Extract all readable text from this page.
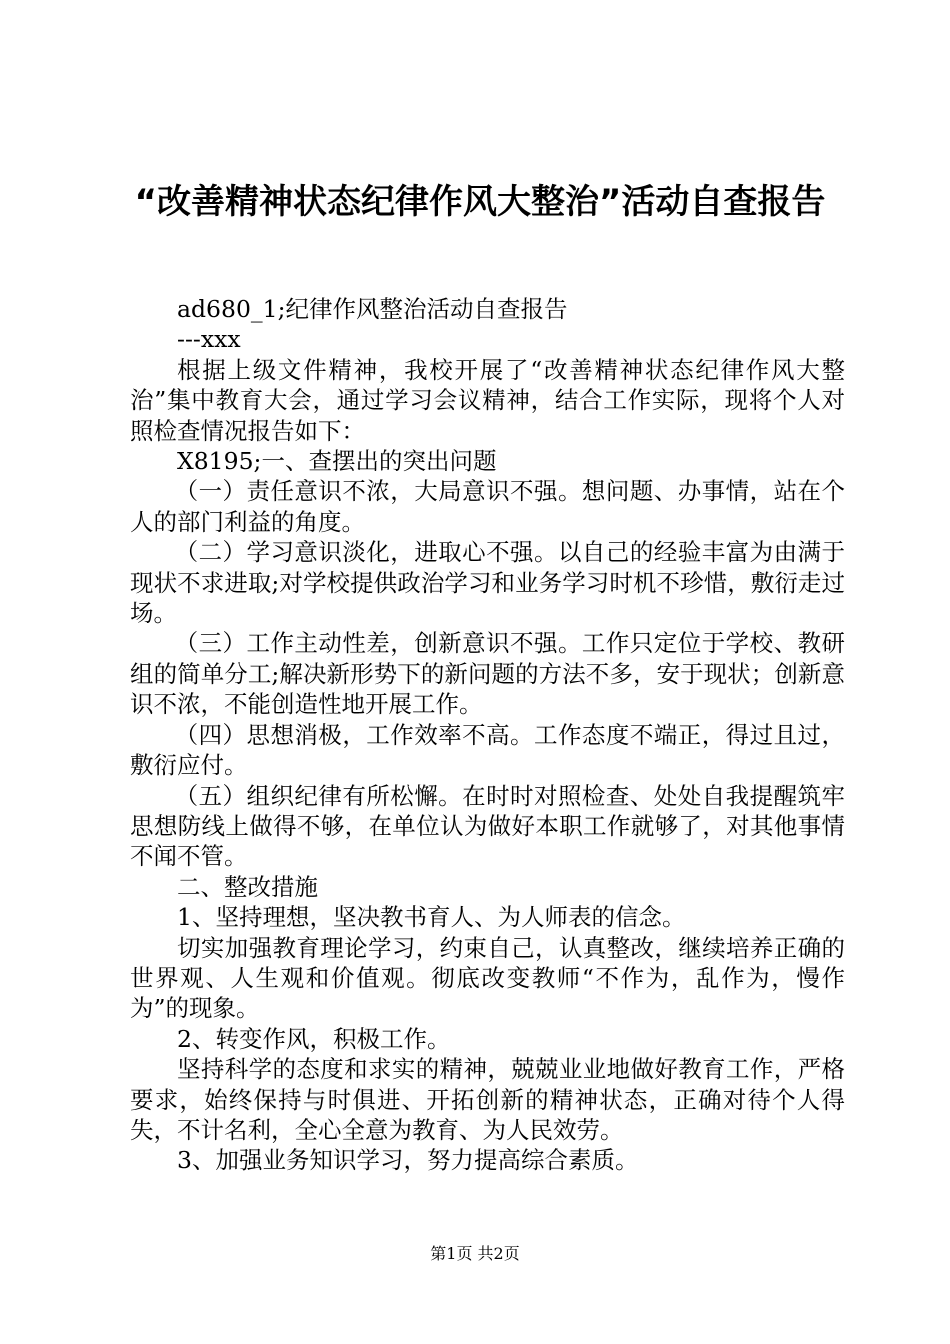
“改善精神状态纪律作风大整治”活动自查报告

ad680_1;纪律作风整治活动自查报告

---xxx

根据上级文件精神，我校开展了“改善精神状态纪律作风大整治”集中教育大会，通过学习会议精神，结合工作实际，现将个人对照检查情况报告如下：

X8195;一、查摆出的突出问题

（一）责任意识不浓，大局意识不强。想问题、办事情，站在个人的部门利益的角度。

（二）学习意识淡化，进取心不强。以自己的经验丰富为由满于现状不求进取;对学校提供政治学习和业务学习时机不珍惜，敷衍走过场。

（三）工作主动性差，创新意识不强。工作只定位于学校、教研组的简单分工;解决新形势下的新问题的方法不多，安于现状；创新意识不浓，不能创造性地开展工作。

（四）思想消极，工作效率不高。工作态度不端正，得过且过，敷衍应付。

（五）组织纪律有所松懈。在时时对照检查、处处自我提醒筑牢思想防线上做得不够，在单位认为做好本职工作就够了，对其他事情不闻不管。

二、整改措施

1、坚持理想，坚决教书育人、为人师表的信念。

切实加强教育理论学习，约束自己，认真整改，继续培养正确的世界观、人生观和价值观。彻底改变教师“不作为，乱作为，慢作为”的现象。

2、转变作风，积极工作。

坚持科学的态度和求实的精神，兢兢业业地做好教育工作，严格要求，始终保持与时俱进、开拓创新的精神状态，正确对待个人得失，不计名利，全心全意为教育、为人民效劳。

3、加强业务知识学习，努力提高综合素质。

第1页 共2页
